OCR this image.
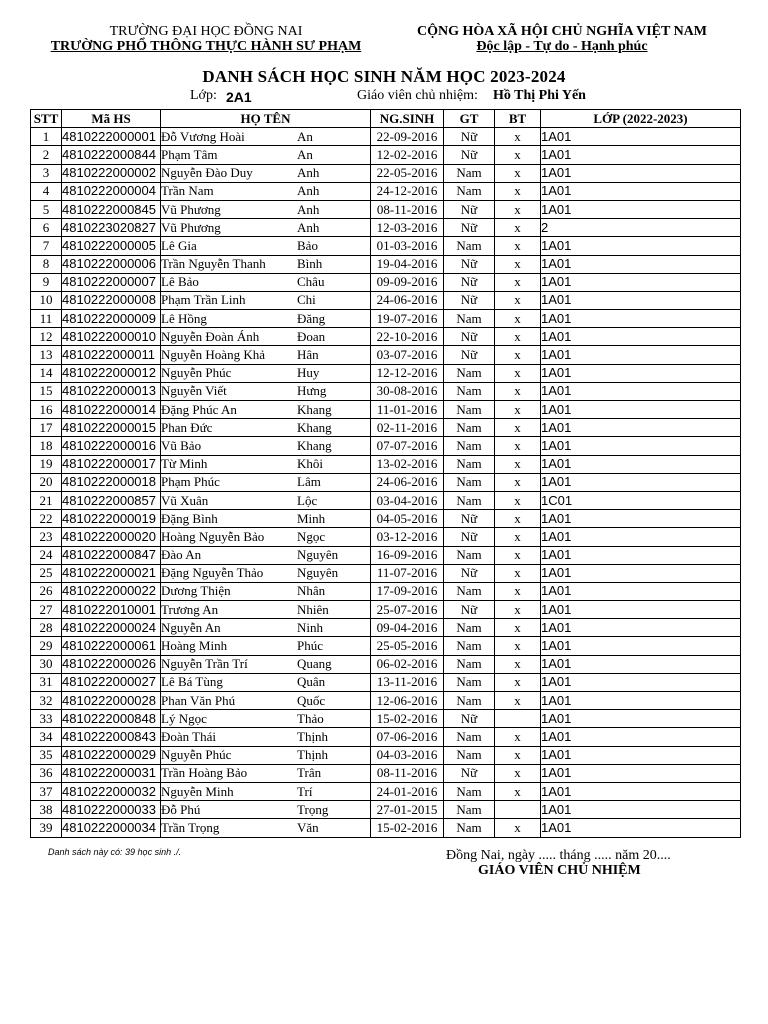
TRƯỜNG ĐẠI HỌC ĐỒNG NAI
TRƯỜNG PHỔ THÔNG THỰC HÀNH SƯ PHẠM
CỘNG HÒA XÃ HỘI CHỦ NGHĨA VIỆT NAM
Độc lập - Tự do - Hạnh phúc
DANH SÁCH HỌC SINH NĂM HỌC 2023-2024
Lớp: 2A1	Giáo viên chủ nhiệm: Hồ Thị Phi Yến
STT	Mã HS	HỌ TÊN	NG.SINH	GT	BT	LỚP (2022-2023)
1	4810222000001	Đỗ Vương Hoài An	22-09-2016	Nữ	x	1A01
2	4810222000844	Phạm Tâm An	12-02-2016	Nữ	x	1A01
3	4810222000002	Nguyễn Đào Duy Anh	22-05-2016	Nam	x	1A01
4	4810222000004	Trần Nam Anh	24-12-2016	Nam	x	1A01
5	4810222000845	Vũ Phương Anh	08-11-2016	Nữ	x	1A01
6	4810223020827	Vũ Phương Anh	12-03-2016	Nữ	x	2
7	4810222000005	Lê Gia Bảo	01-03-2016	Nam	x	1A01
8	4810222000006	Trần Nguyễn Thanh Bình	19-04-2016	Nữ	x	1A01
9	4810222000007	Lê Bảo Châu	09-09-2016	Nữ	x	1A01
10	4810222000008	Phạm Trần Linh Chi	24-06-2016	Nữ	x	1A01
11	4810222000009	Lê Hồng Đăng	19-07-2016	Nam	x	1A01
12	4810222000010	Nguyễn Đoàn Ánh Đoan	22-10-2016	Nữ	x	1A01
13	4810222000011	Nguyễn Hoàng Khả Hân	03-07-2016	Nữ	x	1A01
14	4810222000012	Nguyễn Phúc Huy	12-12-2016	Nam	x	1A01
15	4810222000013	Nguyễn Viết Hưng	30-08-2016	Nam	x	1A01
16	4810222000014	Đặng Phúc An Khang	11-01-2016	Nam	x	1A01
17	4810222000015	Phan Đức Khang	02-11-2016	Nam	x	1A01
18	4810222000016	Vũ Bảo Khang	07-07-2016	Nam	x	1A01
19	4810222000017	Từ Minh Khôi	13-02-2016	Nam	x	1A01
20	4810222000018	Phạm Phúc Lâm	24-06-2016	Nam	x	1A01
21	4810222000857	Vũ Xuân Lộc	03-04-2016	Nam	x	1C01
22	4810222000019	Đặng Bình Minh	04-05-2016	Nữ	x	1A01
23	4810222000020	Hoàng Nguyễn Bảo Ngọc	03-12-2016	Nữ	x	1A01
24	4810222000847	Đào An Nguyên	16-09-2016	Nam	x	1A01
25	4810222000021	Đặng Nguyễn Thảo Nguyên	11-07-2016	Nữ	x	1A01
26	4810222000022	Dương Thiện Nhân	17-09-2016	Nam	x	1A01
27	4810222010001	Trương An Nhiên	25-07-2016	Nữ	x	1A01
28	4810222000024	Nguyễn An Ninh	09-04-2016	Nam	x	1A01
29	4810222000061	Hoàng Minh Phúc	25-05-2016	Nam	x	1A01
30	4810222000026	Nguyễn Trần Trí Quang	06-02-2016	Nam	x	1A01
31	4810222000027	Lê Bá Tùng Quân	13-11-2016	Nam	x	1A01
32	4810222000028	Phan Văn Phú Quốc	12-06-2016	Nam	x	1A01
33	4810222000848	Lý Ngọc Thảo	15-02-2016	Nữ		1A01
34	4810222000843	Đoàn Thái Thịnh	07-06-2016	Nam	x	1A01
35	4810222000029	Nguyễn Phúc Thịnh	04-03-2016	Nam	x	1A01
36	4810222000031	Trần Hoàng Bảo Trân	08-11-2016	Nữ	x	1A01
37	4810222000032	Nguyễn Minh Trí	24-01-2016	Nam	x	1A01
38	4810222000033	Đỗ Phú Trọng	27-01-2015	Nam		1A01
39	4810222000034	Trần Trọng Văn	15-02-2016	Nam	x	1A01
Danh sách này có: 39 học sinh ./.	Đồng Nai, ngày ..... tháng ..... năm 20....
GIÁO VIÊN CHỦ NHIỆM
